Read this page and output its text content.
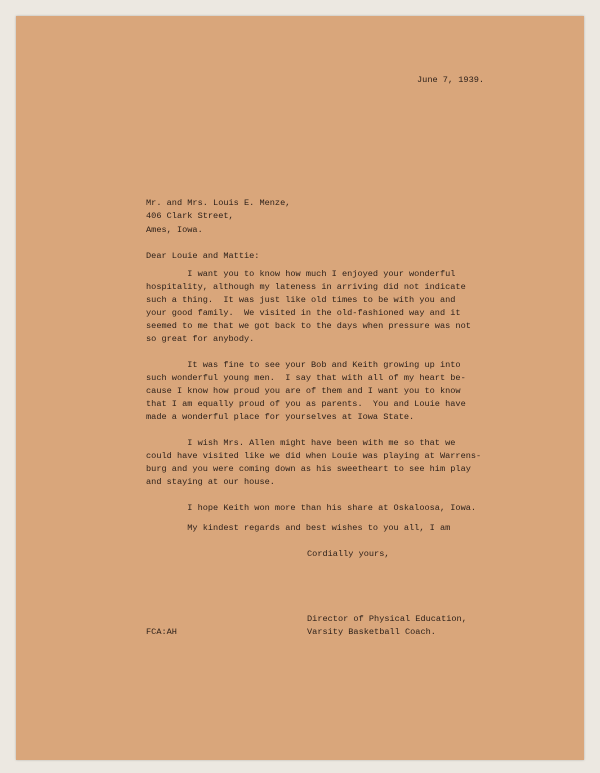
June 7, 1939.
Mr. and Mrs. Louis E. Menze,
406 Clark Street,
Ames, Iowa.
Dear Louie and Mattie:
I want you to know how much I enjoyed your wonderful
hospitality, although my lateness in arriving did not indicate
such a thing.  It was just like old times to be with you and
your good family.  We visited in the old-fashioned way and it
seemed to me that we got back to the days when pressure was not
so great for anybody.
It was fine to see your Bob and Keith growing up into
such wonderful young men.  I say that with all of my heart be-
cause I know how proud you are of them and I want you to know
that I am equally proud of you as parents.  You and Louie have
made a wonderful place for yourselves at Iowa State.
I wish Mrs. Allen might have been with me so that we
could have visited like we did when Louie was playing at Warrens-
burg and you were coming down as his sweetheart to see him play
and staying at our house.
I hope Keith won more than his share at Oskaloosa, Iowa.
My kindest regards and best wishes to you all, I am
Cordially yours,
Director of Physical Education,
Varsity Basketball Coach.
FCA:AH
